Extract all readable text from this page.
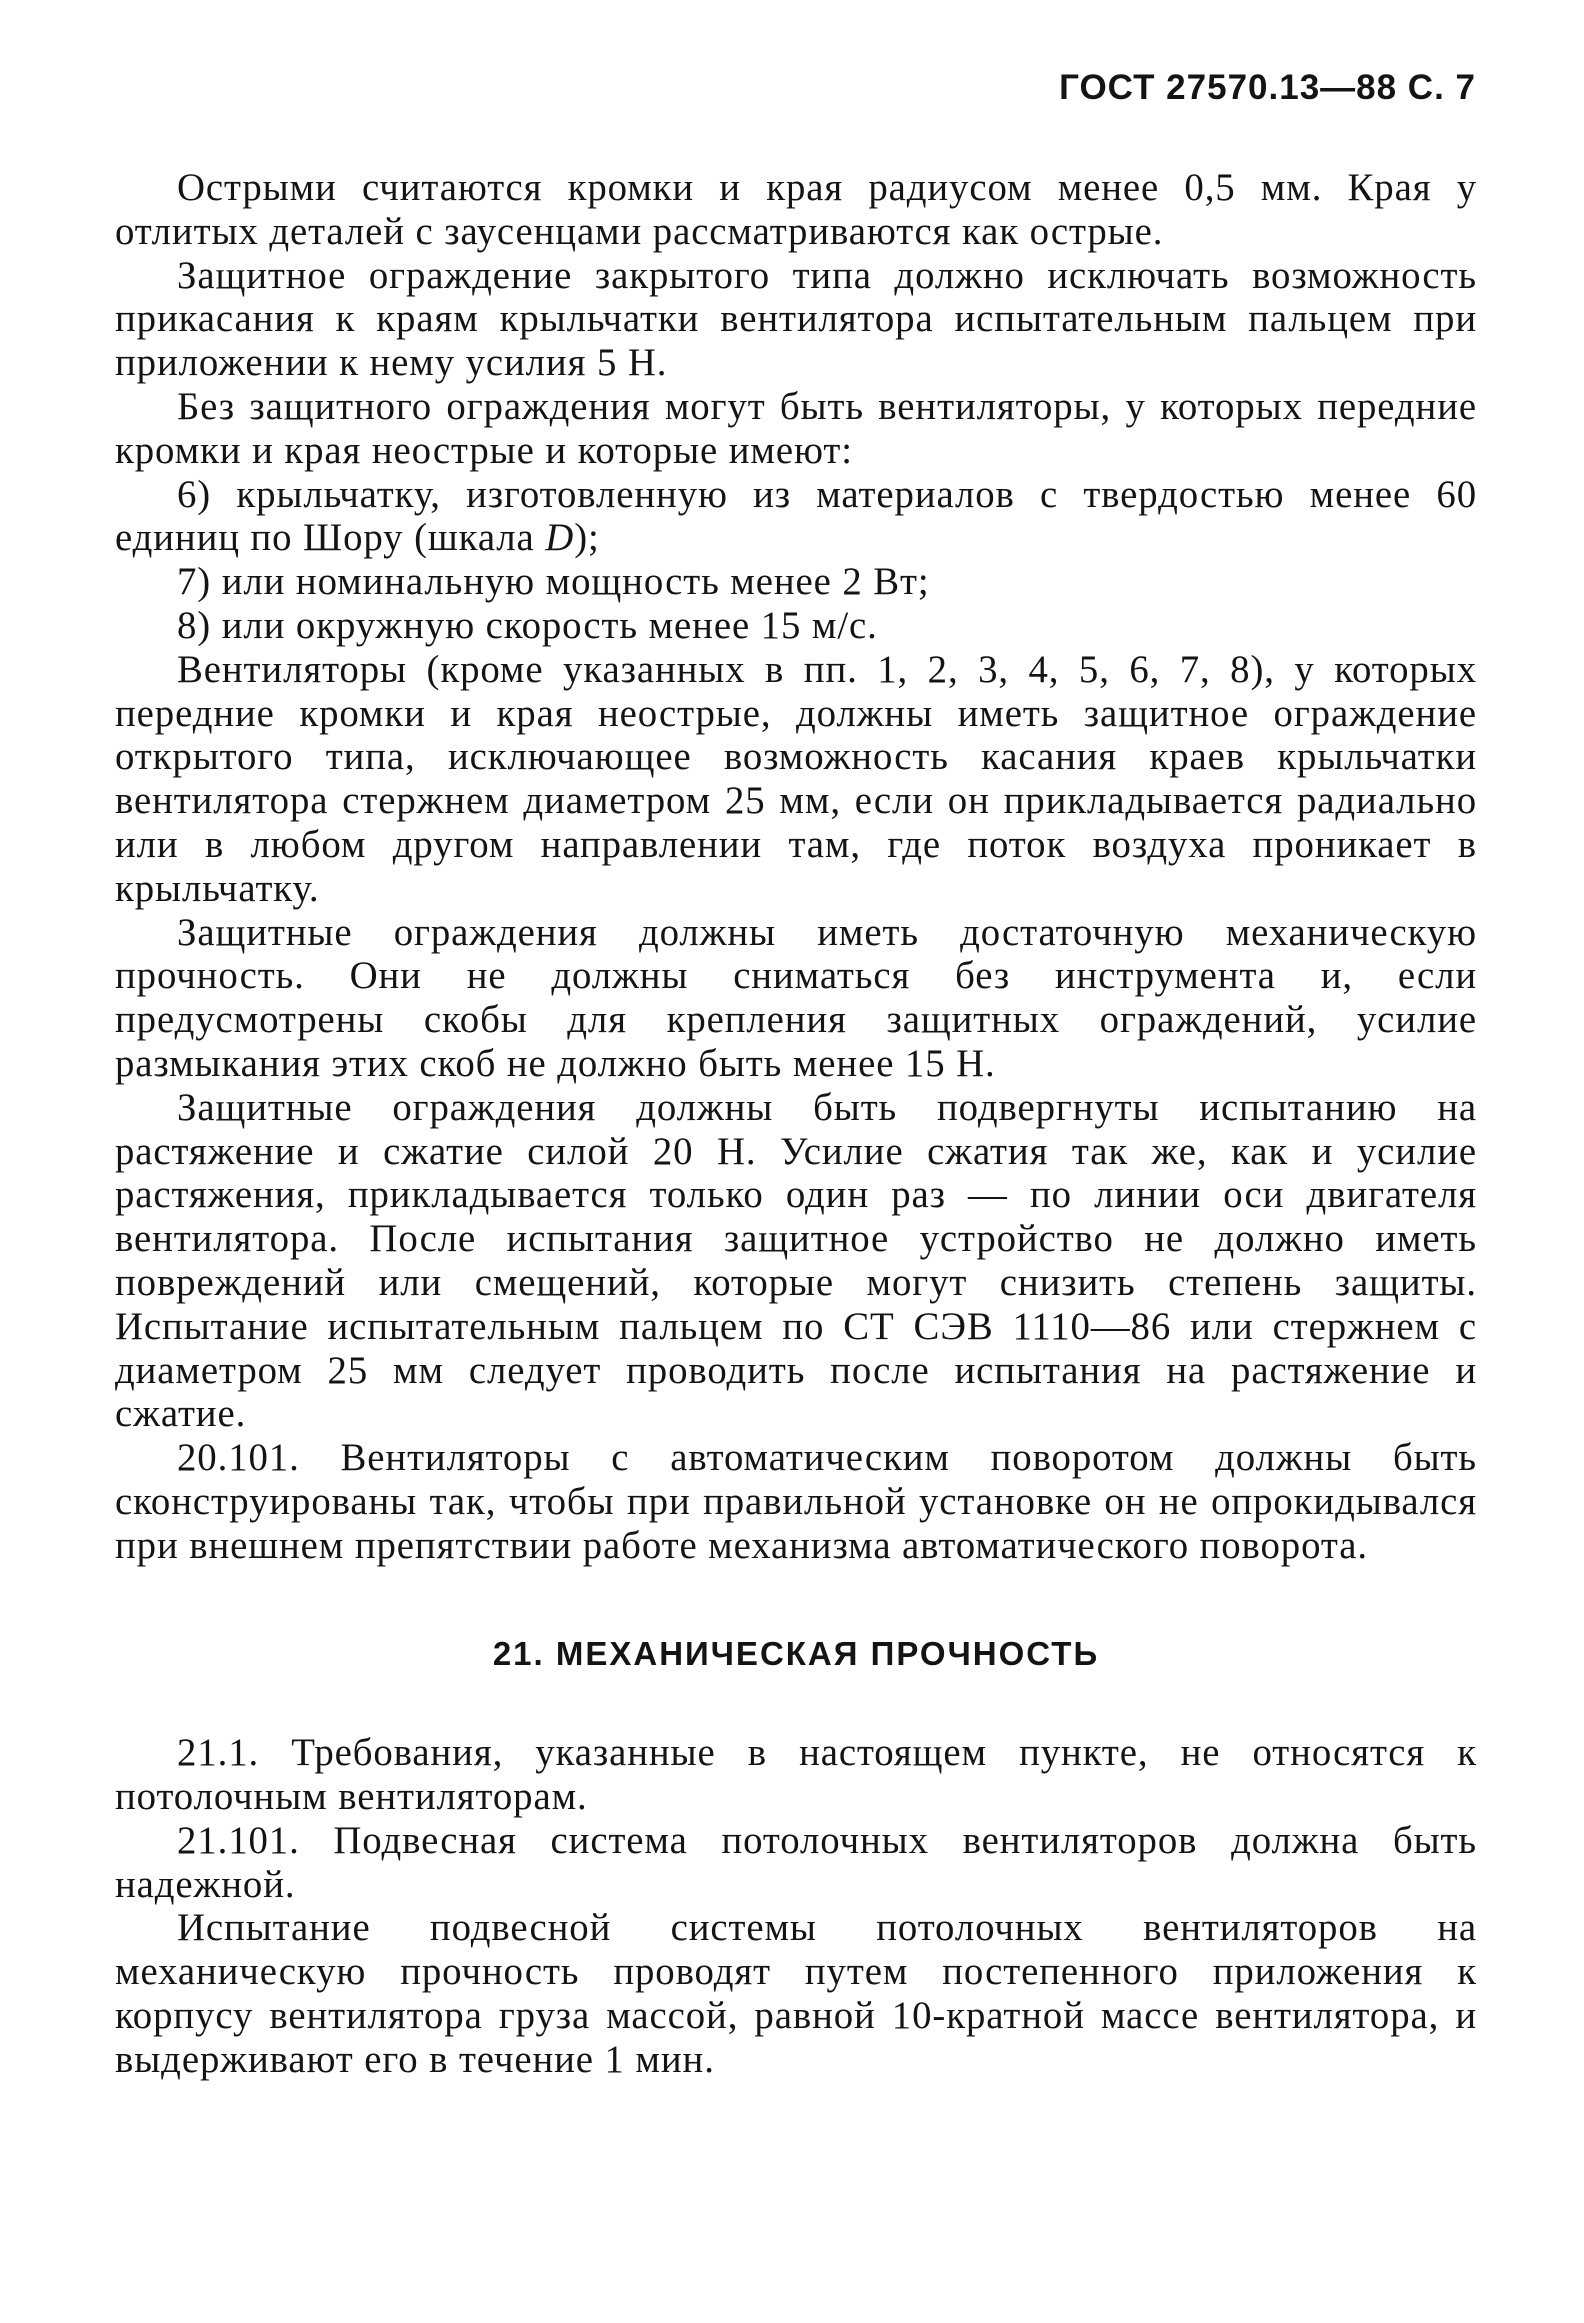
ГОСТ 27570.13—88 С. 7

Острыми считаются кромки и края радиусом менее 0,5 мм. Края у отлитых деталей с заусенцами рассматриваются как острые.

Защитное ограждение закрытого типа должно исключать возможность прикасания к краям крыльчатки вентилятора испытательным пальцем при приложении к нему усилия 5 Н.

Без защитного ограждения могут быть вентиляторы, у которых передние кромки и края неострые и которые имеют:

6) крыльчатку, изготовленную из материалов с твердостью менее 60 единиц по Шору (шкала D);

7) или номинальную мощность менее 2 Вт;

8) или окружную скорость менее 15 м/с.

Вентиляторы (кроме указанных в пп. 1, 2, 3, 4, 5, 6, 7, 8), у которых передние кромки и края неострые, должны иметь защитное ограждение открытого типа, исключающее возможность касания краев крыльчатки вентилятора стержнем диаметром 25 мм, если он прикладывается радиально или в любом другом направлении там, где поток воздуха проникает в крыльчатку.

Защитные ограждения должны иметь достаточную механическую прочность. Они не должны сниматься без инструмента и, если предусмотрены скобы для крепления защитных ограждений, усилие размыкания этих скоб не должно быть менее 15 Н.

Защитные ограждения должны быть подвергнуты испытанию на растяжение и сжатие силой 20 Н. Усилие сжатия так же, как и усилие растяжения, прикладывается только один раз — по линии оси двигателя вентилятора. После испытания защитное устройство не должно иметь повреждений или смещений, которые могут снизить степень защиты. Испытание испытательным пальцем по СТ СЭВ 1110—86 или стержнем с диаметром 25 мм следует проводить после испытания на растяжение и сжатие.

20.101. Вентиляторы с автоматическим поворотом должны быть сконструированы так, чтобы при правильной установке он не опрокидывался при внешнем препятствии работе механизма автоматического поворота.

21. МЕХАНИЧЕСКАЯ ПРОЧНОСТЬ

21.1. Требования, указанные в настоящем пункте, не относятся к потолочным вентиляторам.

21.101. Подвесная система потолочных вентиляторов должна быть надежной.

Испытание подвесной системы потолочных вентиляторов на механическую прочность проводят путем постепенного приложения к корпусу вентилятора груза массой, равной 10-кратной массе вентилятора, и выдерживают его в течение 1 мин.
